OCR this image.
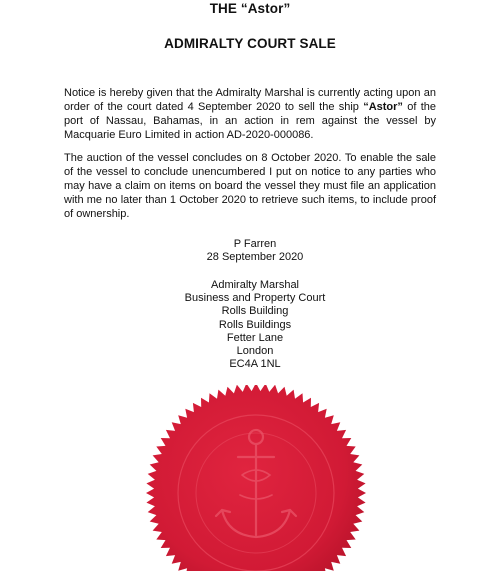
THE “Astor”
ADMIRALTY COURT SALE

Notice is hereby given that the Admiralty Marshal is currently acting upon an order of the court dated 4 September 2020 to sell the ship “Astor” of the port of Nassau, Bahamas, in an action in rem against the vessel by Macquarie Euro Limited in action AD-2020-000086.

The auction of the vessel concludes on 8 October 2020. To enable the sale of the vessel to conclude unencumbered I put on notice to any parties who may have a claim on items on board the vessel they must file an application with me no later than 1 October 2020 to retrieve such items, to include proof of ownership.

P Farren
28 September 2020
Admiralty Marshal
Business and Property Court
Rolls Building
Rolls Buildings
Fetter Lane
London
EC4A 1NL
